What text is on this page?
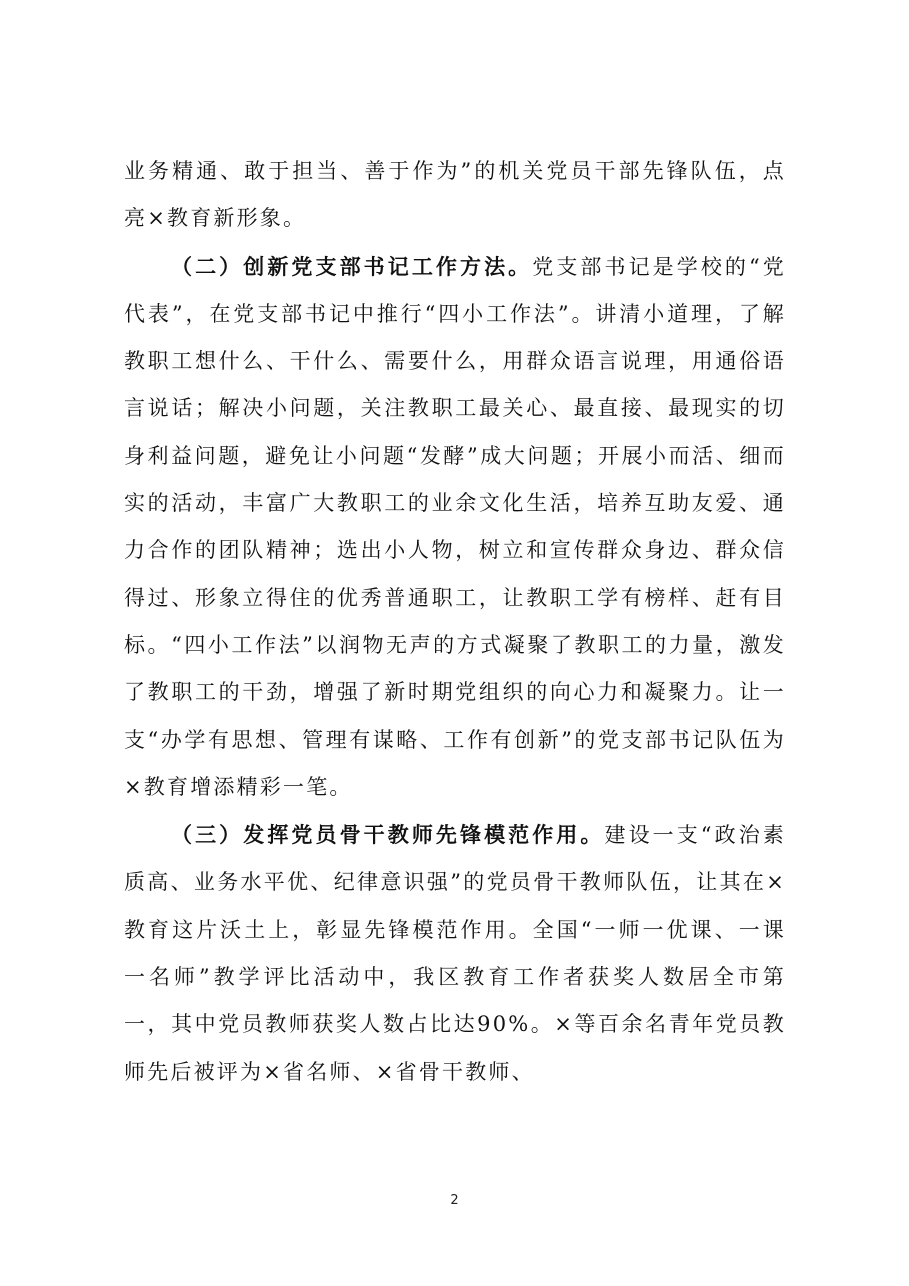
业务精通、敢于担当、善于作为”的机关党员干部先锋队伍，点亮×教育新形象。

（二）创新党支部书记工作方法。党支部书记是学校的“党代表”，在党支部书记中推行“四小工作法”。讲清小道理，了解教职工想什么、干什么、需要什么，用群众语言说理，用通俗语言说话；解决小问题，关注教职工最关心、最直接、最现实的切身利益问题，避免让小问题“发酵”成大问题；开展小而活、细而实的活动，丰富广大教职工的业余文化生活，培养互助友爱、通力合作的团队精神；选出小人物，树立和宣传群众身边、群众信得过、形象立得住的优秀普通职工，让教职工学有榜样、赶有目标。“四小工作法”以润物无声的方式凝聚了教职工的力量，激发了教职工的干劲，增强了新时期党组织的向心力和凝聚力。让一支“办学有思想、管理有谋略、工作有创新”的党支部书记队伍为×教育增添精彩一笔。

（三）发挥党员骨干教师先锋模范作用。建设一支“政治素质高、业务水平优、纪律意识强”的党员骨干教师队伍，让其在×教育这片沃土上，彰显先锋模范作用。全国“一师一优课、一课一名师”教学评比活动中，我区教育工作者获奖人数居全市第一，其中党员教师获奖人数占比达90%。×等百余名青年党员教师先后被评为×省名师、×省骨干教师、

2
